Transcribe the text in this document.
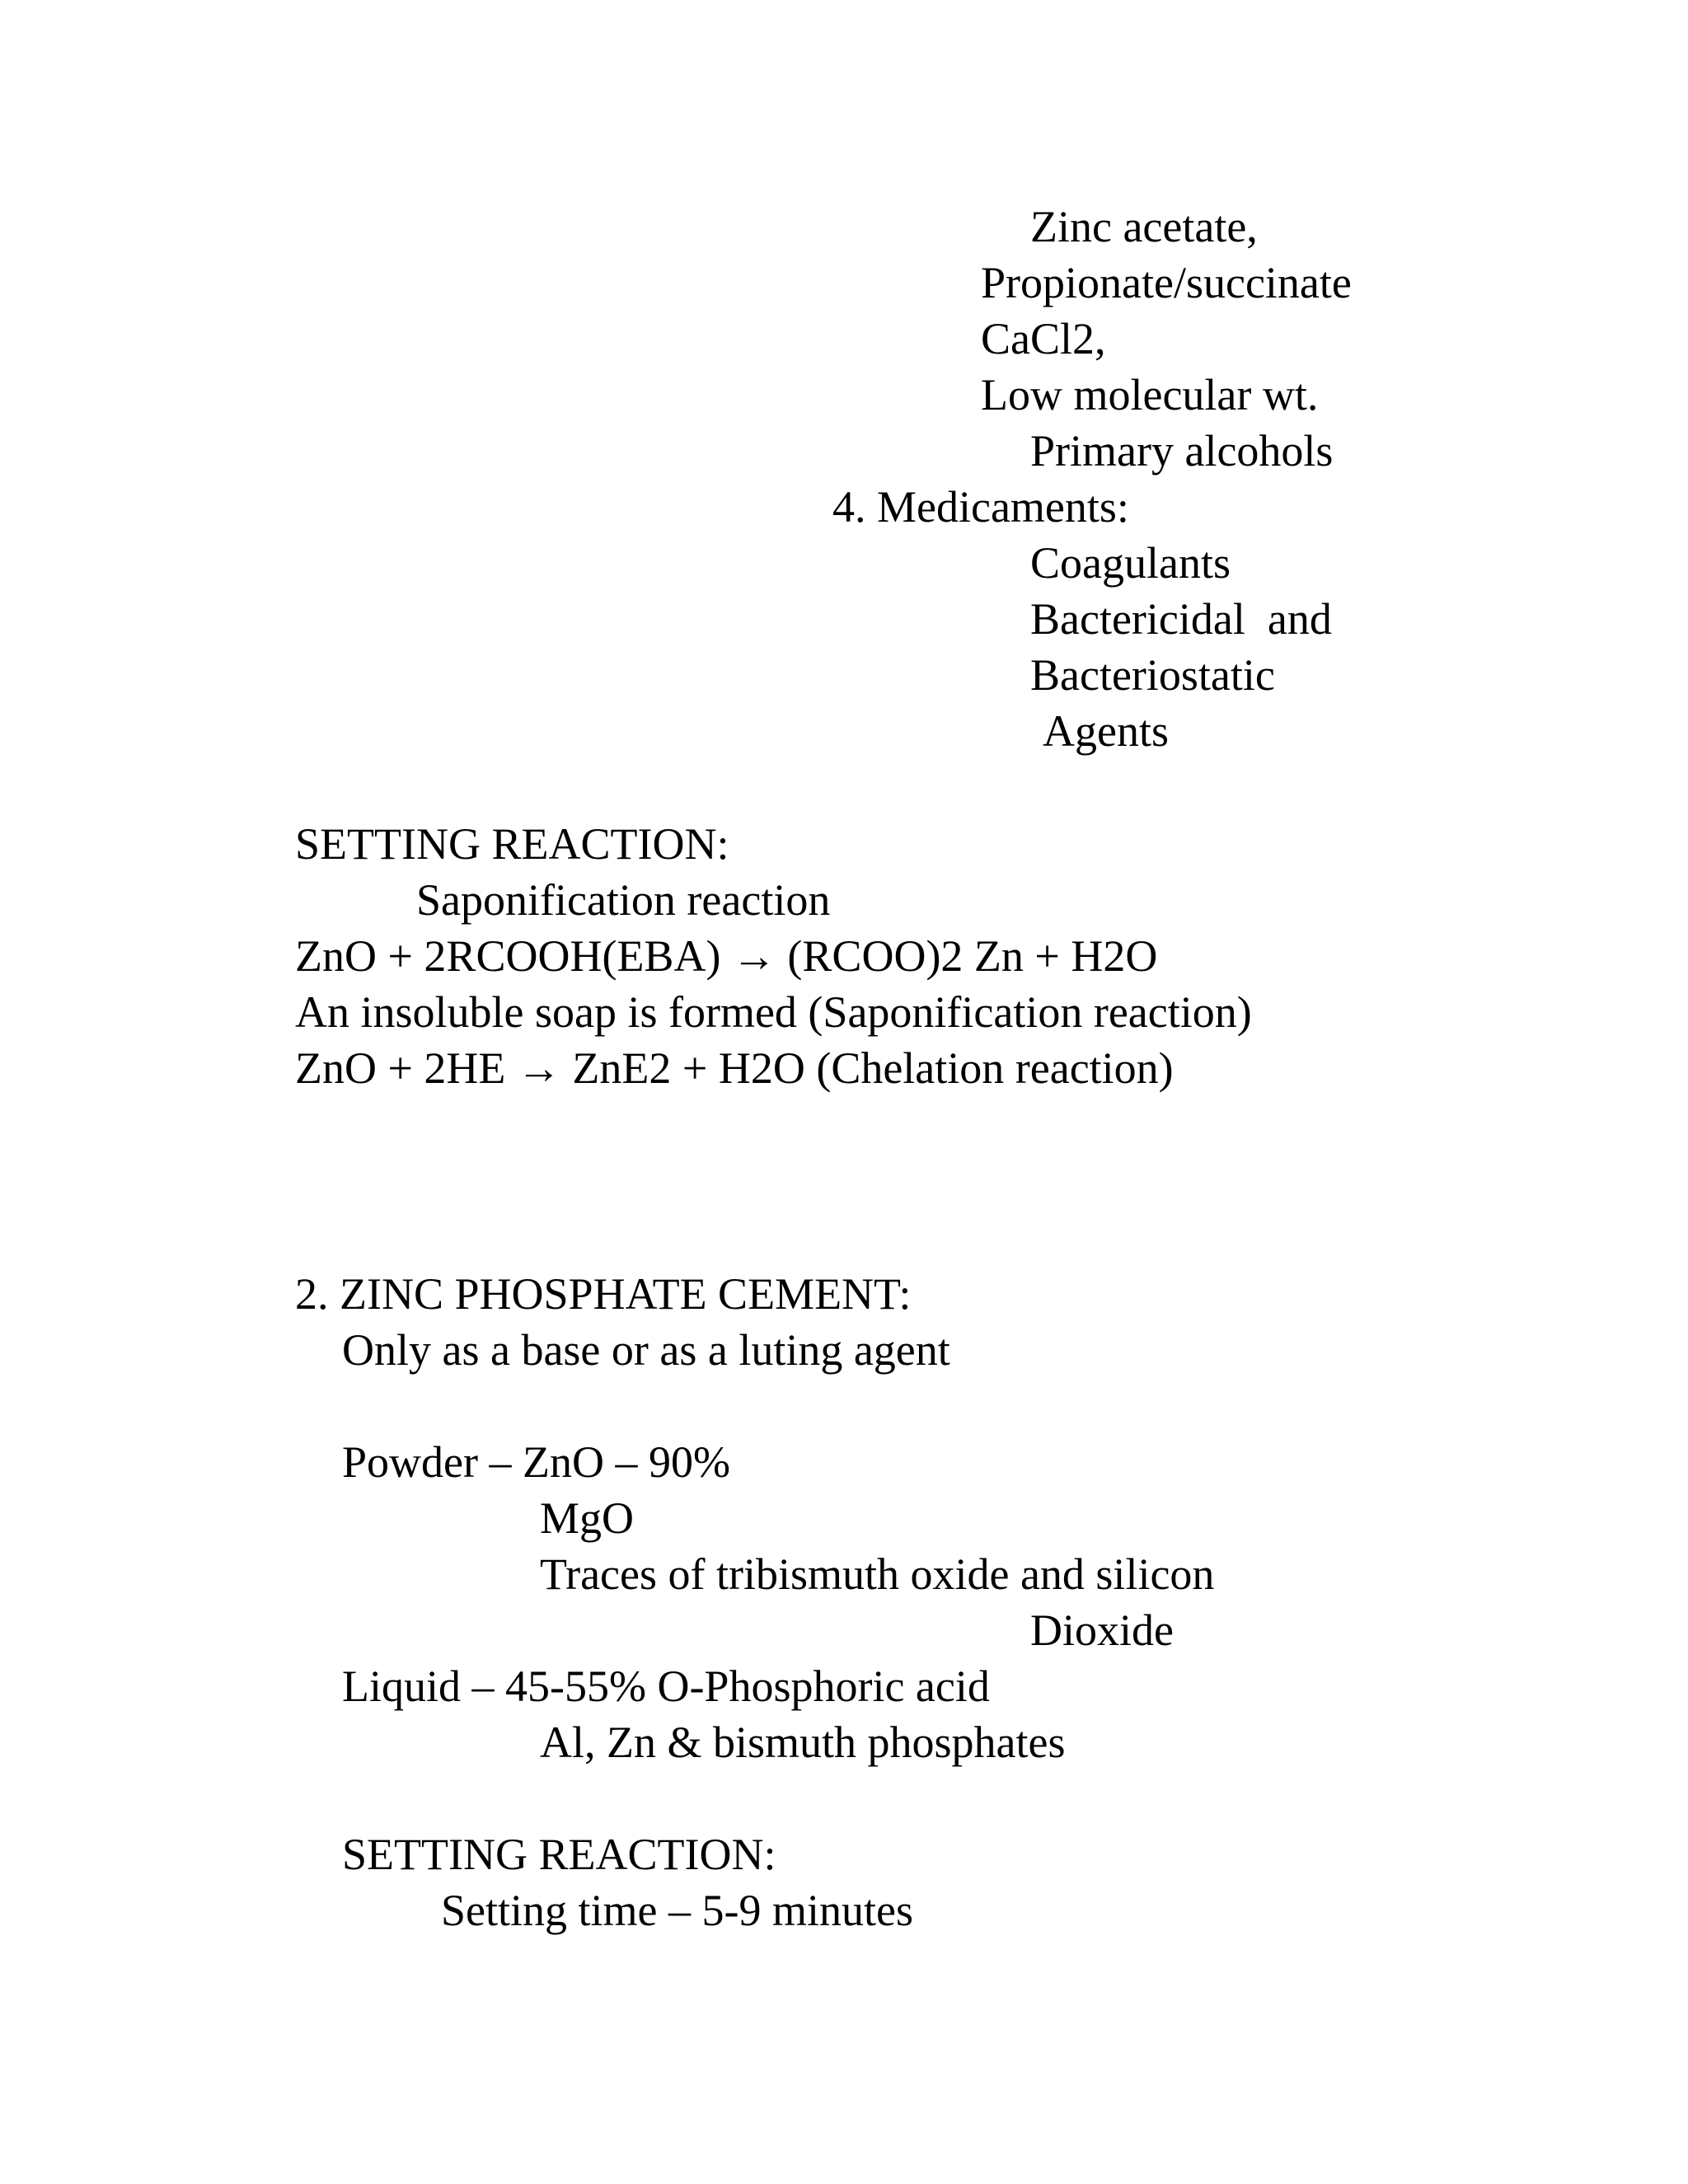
Zinc acetate,
Propionate/succinate
CaCl2,
Low molecular wt.
Primary alcohols
4. Medicaments:
Coagulants
Bactericidal  and
Bacteriostatic
Agents
SETTING REACTION:
Saponification reaction
ZnO + 2RCOOH(EBA) → (RCOO)2 Zn + H2O
An insoluble soap is formed (Saponification reaction)
ZnO + 2HE → ZnE2 + H2O (Chelation reaction)
2. ZINC PHOSPHATE CEMENT:
Only as a base or as a luting agent
Powder – ZnO – 90%
MgO
Traces of tribismuth oxide and silicon
Dioxide
Liquid – 45-55% O-Phosphoric acid
Al, Zn & bismuth phosphates
SETTING REACTION:
Setting time – 5-9 minutes
